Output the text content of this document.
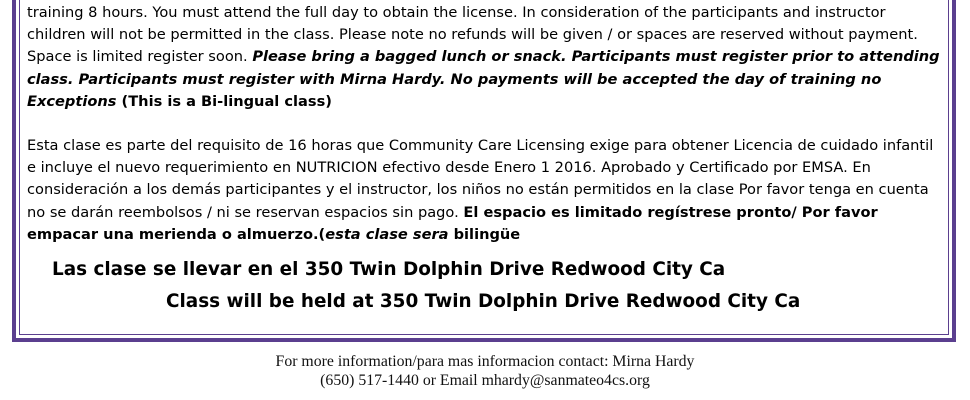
training 8 hours. You must attend the full day to obtain the license. In consideration of the participants and instructor children will not be permitted in the class. Please note no refunds will be given / or spaces are reserved without payment. Space is limited register soon. Please bring a bagged lunch or snack. Participants must register prior to attending class. Participants must register with Mirna Hardy. No payments will be accepted the day of training no Exceptions (This is a Bi-lingual class)

Esta clase es parte del requisito de 16 horas que Community Care Licensing exige para obtener Licencia de cuidado infantil e incluye el nuevo requerimiento en NUTRICION efectivo desde Enero 1 2016. Aprobado y Certificado por EMSA. En consideración a los demás participantes y el instructor, los niños no están permitidos en la clase Por favor tenga en cuenta no se darán reembolsos / ni se reservan espacios sin pago. El espacio es limitado regístrese pronto/ Por favor empacar una merienda o almuerzo.(esta clase sera bilingüe

Las clase se llevar en el 350 Twin Dolphin Drive Redwood City Ca
Class will be held at 350 Twin Dolphin Drive Redwood City Ca
For more information/para mas informacion contact: Mirna Hardy
(650) 517-1440 or Email mhardy@sanmateo4cs.org
